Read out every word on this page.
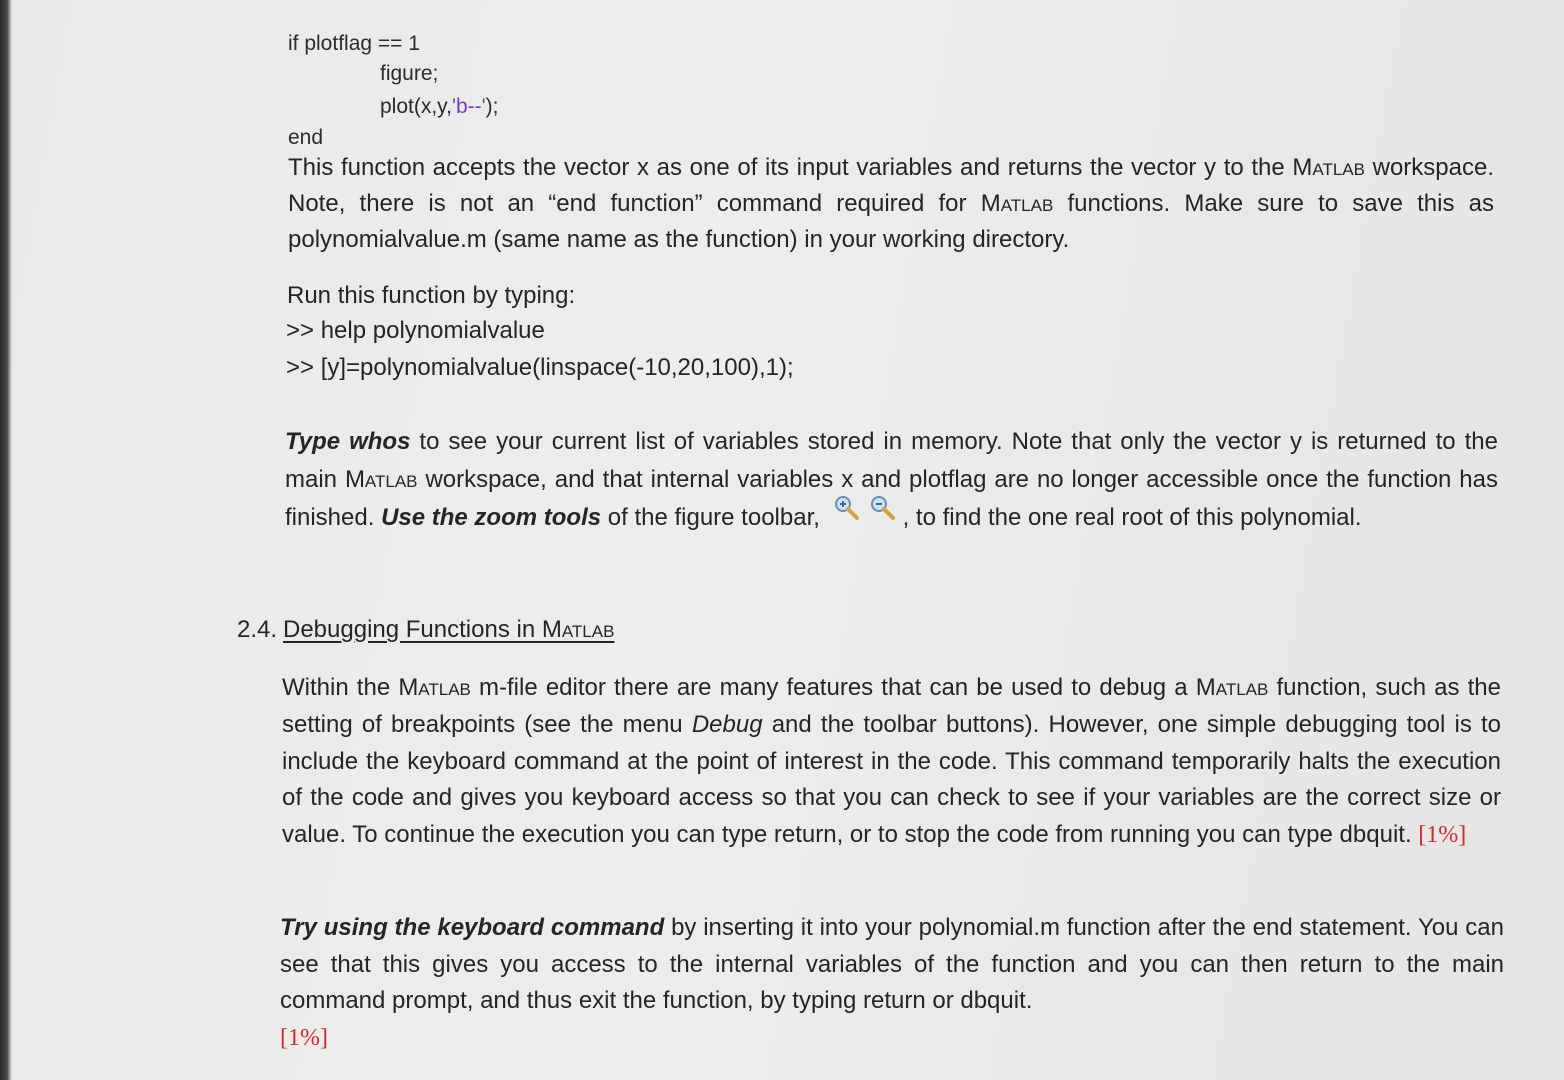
if plotflag == 1
figure;
plot(x,y,'b--');
end
This function accepts the vector x as one of its input variables and returns the vector y to the Matlab workspace. Note, there is not an “end function” command required for Matlab functions. Make sure to save this as polynomialvalue.m (same name as the function) in your working directory.
Run this function by typing:
>> help polynomialvalue
>> [y]=polynomialvalue(linspace(-10,20,100),1);
Type whos to see your current list of variables stored in memory. Note that only the vector y is returned to the main Matlab workspace, and that internal variables x and plotflag are no longer accessible once the function has finished. Use the zoom tools of the figure toolbar,	, to find the one real root of this polynomial.
2.4. Debugging Functions in Matlab
Within the Matlab m-file editor there are many features that can be used to debug a Matlab function, such as the setting of breakpoints (see the menu Debug and the toolbar buttons). However, one simple debugging tool is to include the keyboard command at the point of interest in the code. This command temporarily halts the execution of the code and gives you keyboard access so that you can check to see if your variables are the correct size or value. To continue the execution you can type return, or to stop the code from running you can type dbquit. [1%]
Try using the keyboard command by inserting it into your polynomial.m function after the end statement. You can see that this gives you access to the internal variables of the function and you can then return to the main command prompt, and thus exit the function, by typing return or dbquit.
[1%]
